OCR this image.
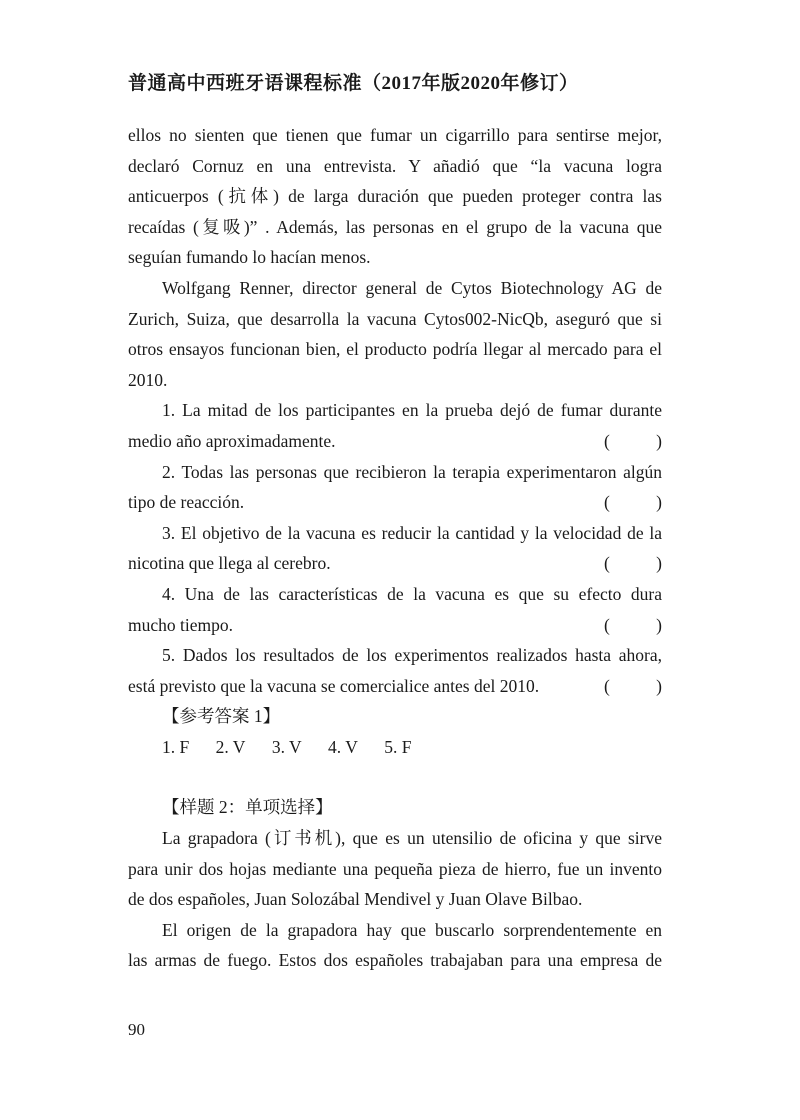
普通高中西班牙语课程标准（2017年版2020年修订）
ellos no sienten que tienen que fumar un cigarrillo para sentirse mejor,
declaró Cornuz en una entrevista. Y añadió que “la vacuna logra
anticuerpos (抗体) de larga duración que pueden proteger contra las
recaídas (复吸)” . Además, las personas en el grupo de la vacuna que
seguían fumando lo hacían menos.
Wolfgang Renner, director general de Cytos Biotechnology AG de
Zurich, Suiza, que desarrolla la vacuna Cytos002-NicQb, aseguró que si
otros ensayos funcionan bien, el producto podría llegar al mercado para el
2010.
1. La mitad de los participantes en la prueba dejó de fumar durante
medio año aproximadamente.	(	)
2. Todas las personas que recibieron la terapia experimentaron algún
tipo de reacción.	(	)
3. El objetivo de la vacuna es reducir la cantidad y la velocidad de la
nicotina que llega al cerebro.	(	)
4. Una de las características de la vacuna es que su efecto dura
mucho tiempo.	(	)
5. Dados los resultados de los experimentos realizados hasta ahora,
está previsto que la vacuna se comercialice antes del 2010.	(	)
【参考答案 1】
1. F 2. V 3. V 4. V 5. F
【样题 2：单项选择】
La grapadora (订书机), que es un utensilio de oficina y que sirve
para unir dos hojas mediante una pequeña pieza de hierro, fue un invento
de dos españoles, Juan Solozábal Mendivel y Juan Olave Bilbao.
El origen de la grapadora hay que buscarlo sorprendentemente en
las armas de fuego. Estos dos españoles trabajaban para una empresa de
90
